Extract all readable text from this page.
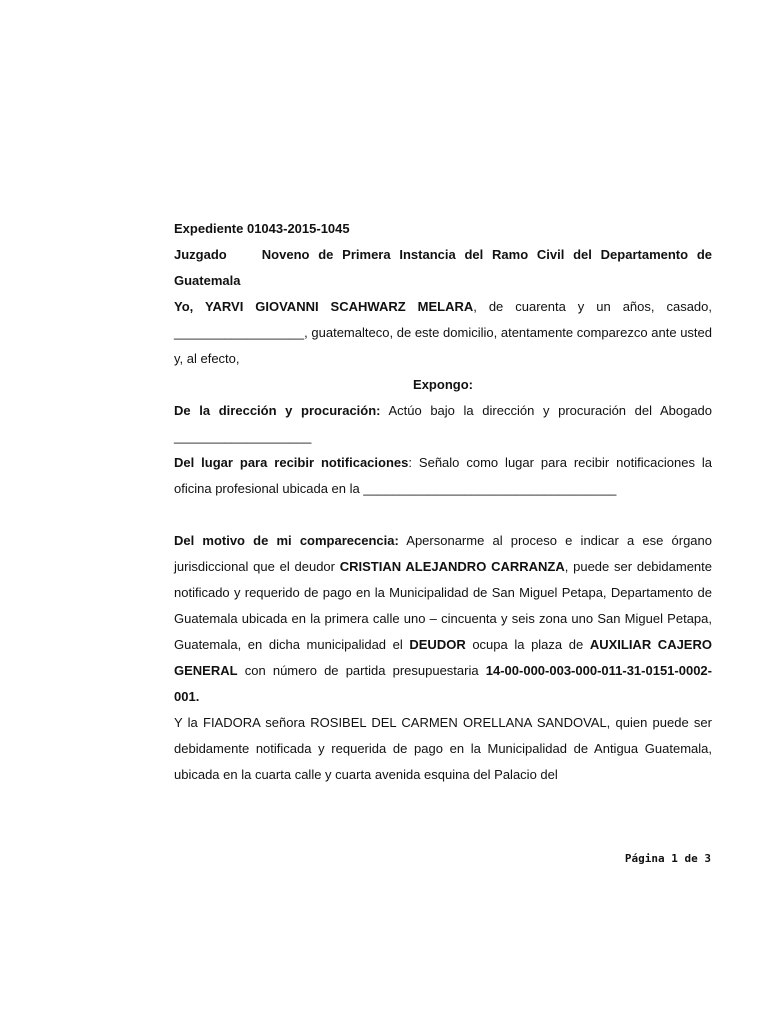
Expediente 01043-2015-1045

Juzgado	Noveno de Primera Instancia del Ramo Civil del Departamento de Guatemala

Yo, YARVI GIOVANNI SCAHWARZ MELARA, de cuarenta y un años, casado, __________________, guatemalteco, de este domicilio, atentamente comparezco ante usted y, al efecto,

Expongo:

De la dirección y procuración: Actúo bajo la dirección y procuración del Abogado ___________________

Del lugar para recibir notificaciones: Señalo como lugar para recibir notificaciones la oficina profesional ubicada en la ___________________________________

Del motivo de mi comparecencia: Apersonarme al proceso e indicar a ese órgano jurisdiccional que el deudor CRISTIAN ALEJANDRO CARRANZA, puede ser debidamente notificado y requerido de pago en la Municipalidad de San Miguel Petapa, Departamento de Guatemala ubicada en la primera calle uno – cincuenta y seis zona uno San Miguel Petapa, Guatemala, en dicha municipalidad el DEUDOR ocupa la plaza de AUXILIAR CAJERO GENERAL con número de partida presupuestaria 14-00-000-003-000-011-31-0151-0002-001.

Y la FIADORA señora ROSIBEL DEL CARMEN ORELLANA SANDOVAL, quien puede ser debidamente notificada y requerida de pago en la Municipalidad de Antigua Guatemala, ubicada en la cuarta calle y cuarta avenida esquina del Palacio del

Página 1 de 3
